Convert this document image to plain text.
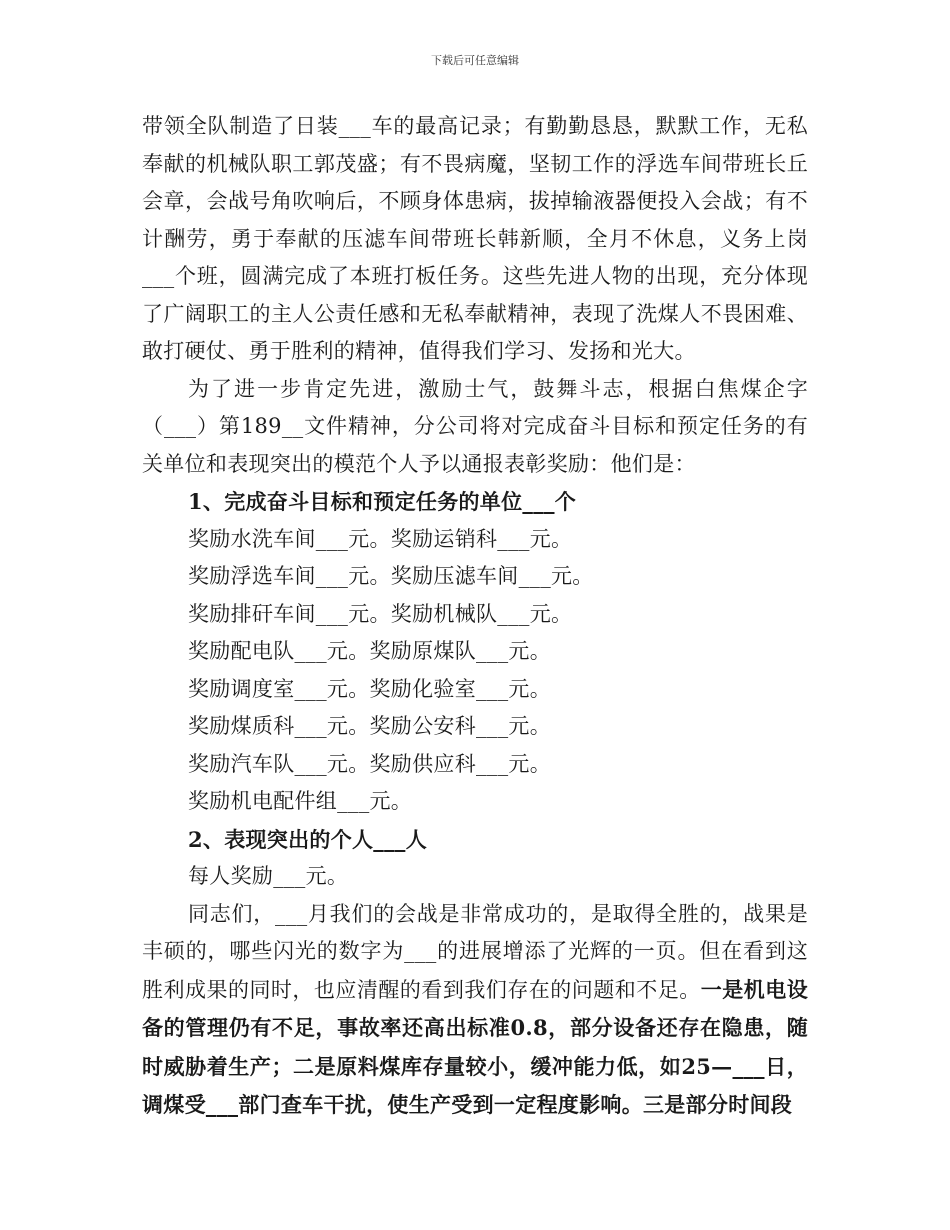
下载后可任意编辑

带领全队制造了日装___车的最高记录；有勤勤恳恳，默默工作，无私奉献的机械队职工郭茂盛；有不畏病魔，坚韧工作的浮选车间带班长丘会章，会战号角吹响后，不顾身体患病，拔掉输液器便投入会战；有不计酬劳，勇于奉献的压滤车间带班长韩新顺，全月不休息，义务上岗___个班，圆满完成了本班打板任务。这些先进人物的出现，充分体现了广阔职工的主人公责任感和无私奉献精神，表现了洗煤人不畏困难、敢打硬仗、勇于胜利的精神，值得我们学习、发扬和光大。

为了进一步肯定先进，激励士气，鼓舞斗志，根据白焦煤企字（___）第189__文件精神，分公司将对完成奋斗目标和预定任务的有关单位和表现突出的模范个人予以通报表彰奖励：他们是：

1、完成奋斗目标和预定任务的单位___个

奖励水洗车间___元。奖励运销科___元。

奖励浮选车间___元。奖励压滤车间___元。

奖励排矸车间___元。奖励机械队___元。

奖励配电队___元。奖励原煤队___元。

奖励调度室___元。奖励化验室___元。

奖励煤质科___元。奖励公安科___元。

奖励汽车队___元。奖励供应科___元。

奖励机电配件组___元。

2、表现突出的个人___人

每人奖励___元。

同志们，___月我们的会战是非常成功的，是取得全胜的，战果是丰硕的，哪些闪光的数字为___的进展增添了光辉的一页。但在看到这胜利成果的同时，也应清醒的看到我们存在的问题和不足。一是机电设备的管理仍有不足，事故率还高出标准0.8，部分设备还存在隐患，随时威胁着生产；二是原料煤库存量较小，缓冲能力低，如25—___日，调煤受___部门查车干扰，使生产受到一定程度影响。三是部分时间段
